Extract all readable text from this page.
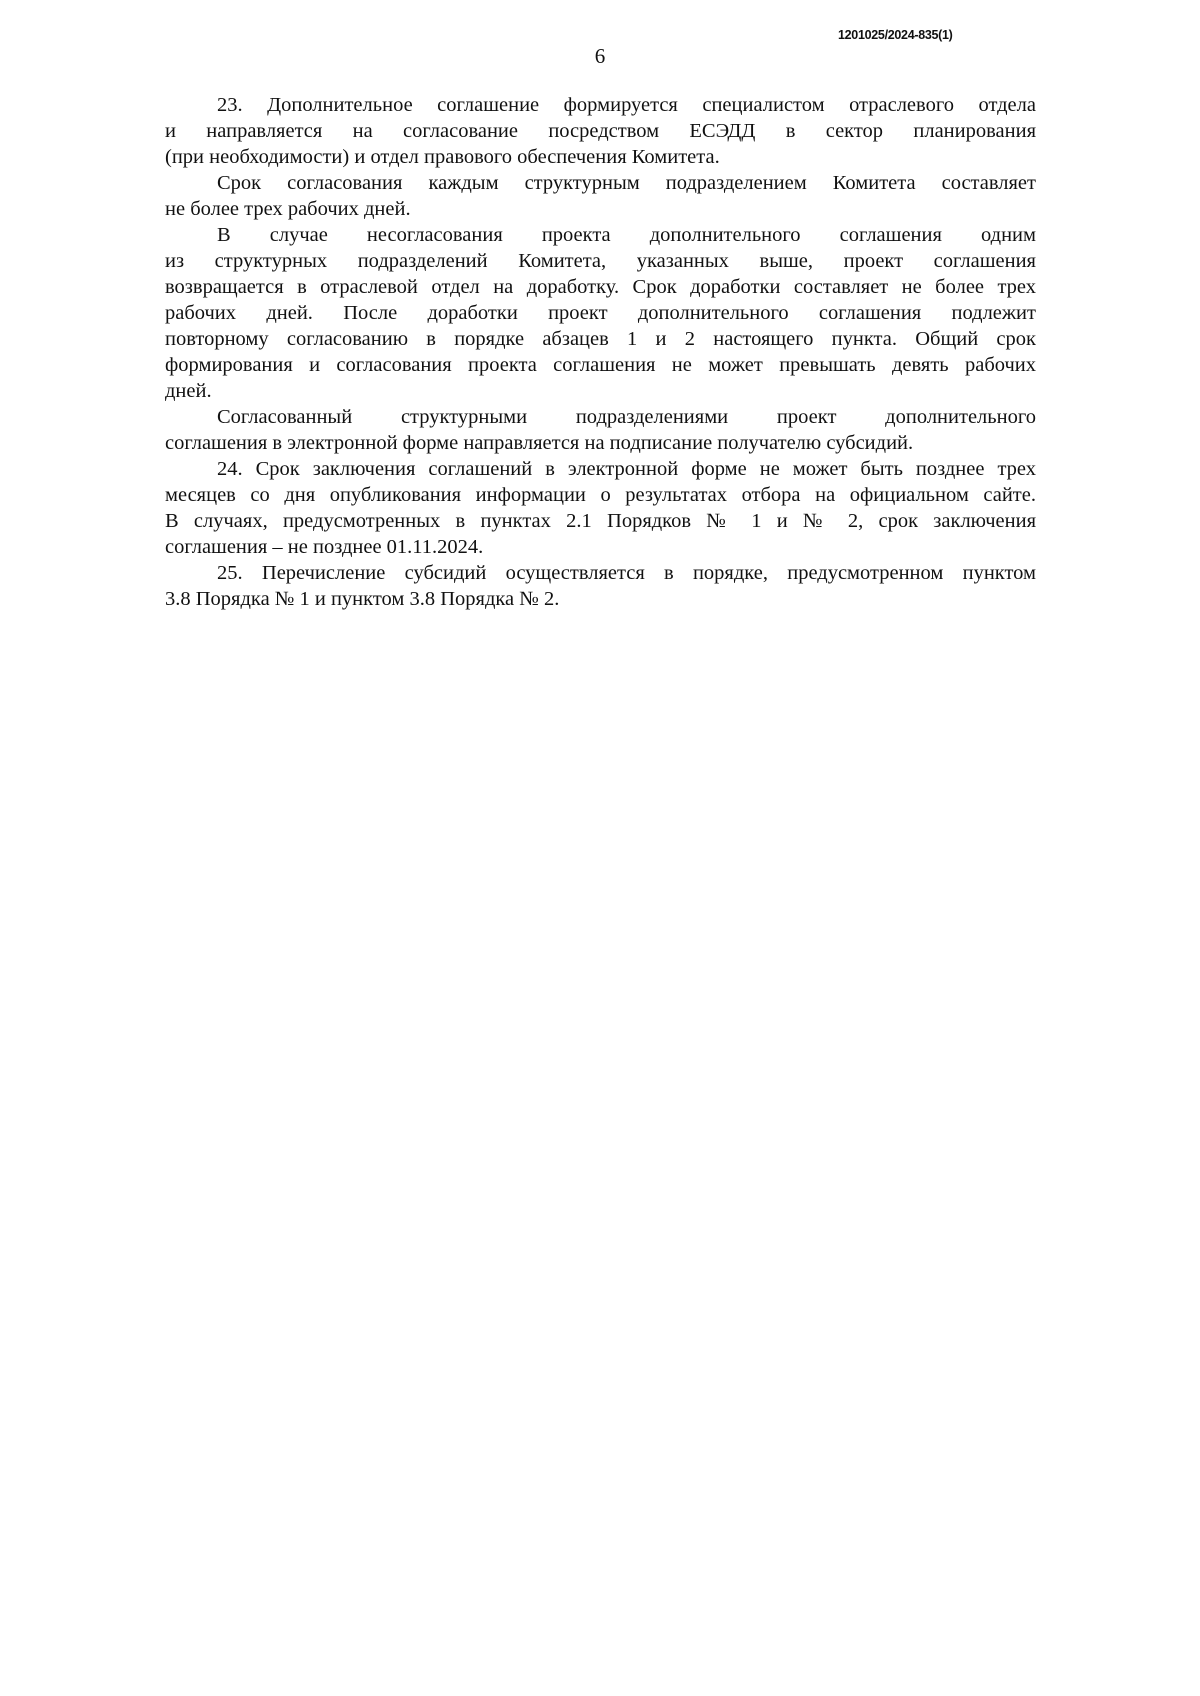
1201025/2024-835(1)
6
23. Дополнительное соглашение формируется специалистом отраслевого отдела
и направляется на согласование посредством ЕСЭДД в сектор планирования
(при необходимости) и отдел правового обеспечения Комитета.
Срок согласования каждым структурным подразделением Комитета составляет
не более трех рабочих дней.
В случае несогласования проекта дополнительного соглашения одним
из структурных подразделений Комитета, указанных выше, проект соглашения
возвращается в отраслевой отдел на доработку. Срок доработки составляет не более трех
рабочих дней. После доработки проект дополнительного соглашения подлежит
повторному согласованию в порядке абзацев 1 и 2 настоящего пункта. Общий срок
формирования и согласования проекта соглашения не может превышать девять рабочих
дней.
Согласованный структурными подразделениями проект дополнительного
соглашения в электронной форме направляется на подписание получателю субсидий.
24. Срок заключения соглашений в электронной форме не может быть позднее трех
месяцев со дня опубликования информации о результатах отбора на официальном сайте.
В случаях, предусмотренных в пунктах 2.1 Порядков № 1 и № 2, срок заключения
соглашения – не позднее 01.11.2024.
25. Перечисление субсидий осуществляется в порядке, предусмотренном пунктом
3.8 Порядка № 1 и пунктом 3.8 Порядка № 2.
